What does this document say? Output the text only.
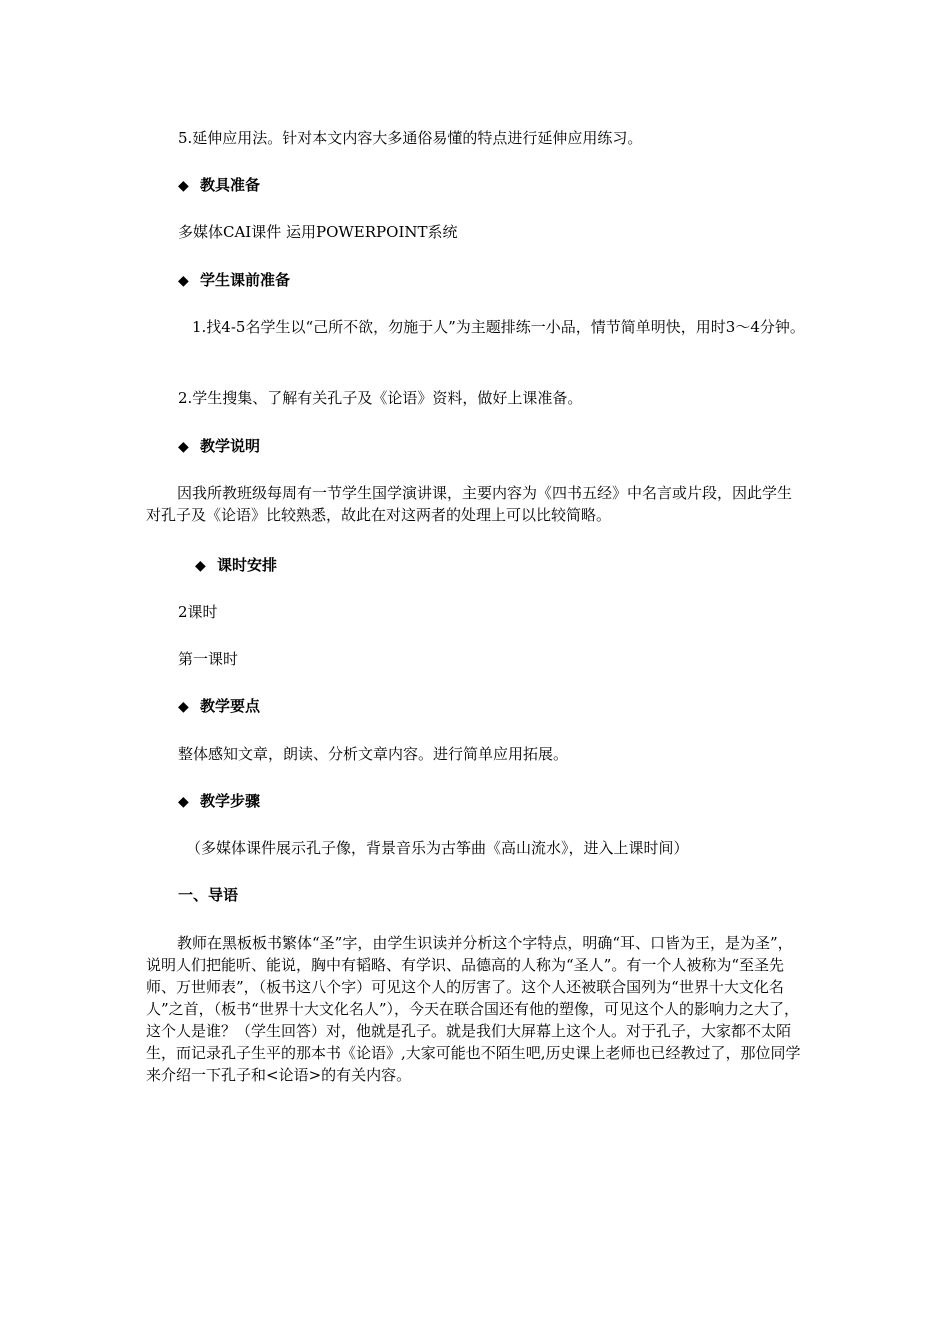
5.延伸应用法。针对本文内容大多通俗易懂的特点进行延伸应用练习。
◆ 教具准备
多媒体CAI课件 运用POWERPOINT系统
◆ 学生课前准备
1.找4-5名学生以“己所不欲，勿施于人”为主题排练一小品，情节简单明快，用时3～4分钟。
2.学生搜集、了解有关孔子及《论语》资料，做好上课准备。
◆ 教学说明
因我所教班级每周有一节学生国学演讲课，主要内容为《四书五经》中名言或片段，因此学生对孔子及《论语》比较熟悉，故此在对这两者的处理上可以比较简略。
◆ 课时安排
2课时
第一课时
◆ 教学要点
整体感知文章，朗读、分析文章内容。进行简单应用拓展。
◆ 教学步骤
（多媒体课件展示孔子像，背景音乐为古筝曲《高山流水》，进入上课时间）
一、导语
教师在黑板板书繁体“圣”字，由学生识读并分析这个字特点，明确“耳、口皆为王，是为圣”，说明人们把能听、能说，胸中有韬略、有学识、品德高的人称为“圣人”。有一个人被称为“至圣先师、万世师表”，（板书这八个字）可见这个人的厉害了。这个人还被联合国列为“世界十大文化名人”之首，（板书“世界十大文化名人”），今天在联合国还有他的塑像，可见这个人的影响力之大了，这个人是谁？（学生回答）对，他就是孔子。就是我们大屏幕上这个人。对于孔子，大家都不太陌生，而记录孔子生平的那本书《论语》,大家可能也不陌生吧,历史课上老师也已经教过了，那位同学来介绍一下孔子和<论语>的有关内容。
